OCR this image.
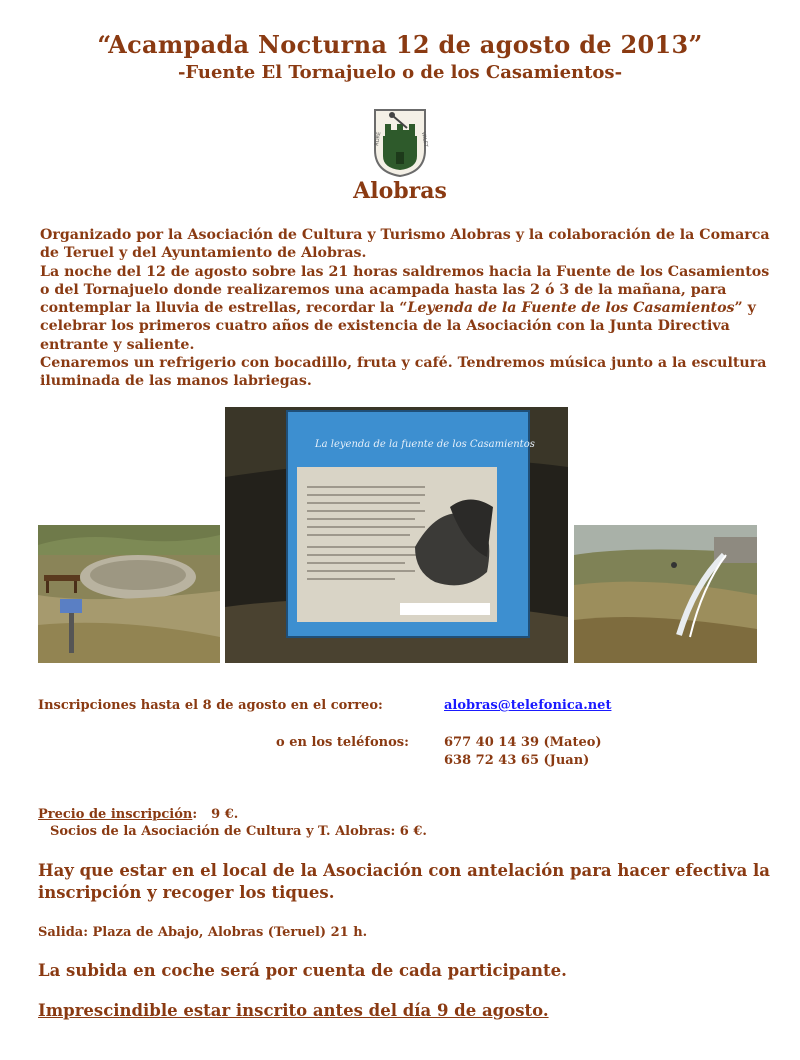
“Acampada Nocturna 12 de agosto de 2013”
-Fuente El Tornajuelo o de los Casamientos-
RORE	VALET
Alobras

Organizado por la Asociación de Cultura y Turismo Alobras y la colaboración de la Comarca de Teruel y del Ayuntamiento de Alobras.

La noche del 12 de agosto sobre las 21 horas saldremos hacia la Fuente de los Casamientos o del Tornajuelo donde realizaremos una acampada hasta las 2 ó 3 de la mañana, para contemplar la lluvia de estrellas, recordar la “Leyenda de la Fuente de los Casamientos” y celebrar los primeros cuatro años de existencia de la Asociación con la Junta Directiva entrante y saliente.

Cenaremos un refrigerio con bocadillo, fruta y café. Tendremos música junto a la escultura iluminada de las manos labriegas.

La leyenda de la fuente de los Casamientos
Inscripciones hasta el 8 de agosto en el correo:	alobras@telefonica.net
o en los teléfonos:	677 40 14 39 (Mateo)
638 72 43 65 (Juan)
Precio de inscripción: 9 €.
Socios de la Asociación de Cultura y T. Alobras: 6 €.
Hay que estar en el local de la Asociación con antelación para hacer efectiva la inscripción y recoger los tiques.
Salida: Plaza de Abajo, Alobras (Teruel) 21 h.
La subida en coche será por cuenta de cada participante.
Imprescindible estar inscrito antes del día 9 de agosto.
